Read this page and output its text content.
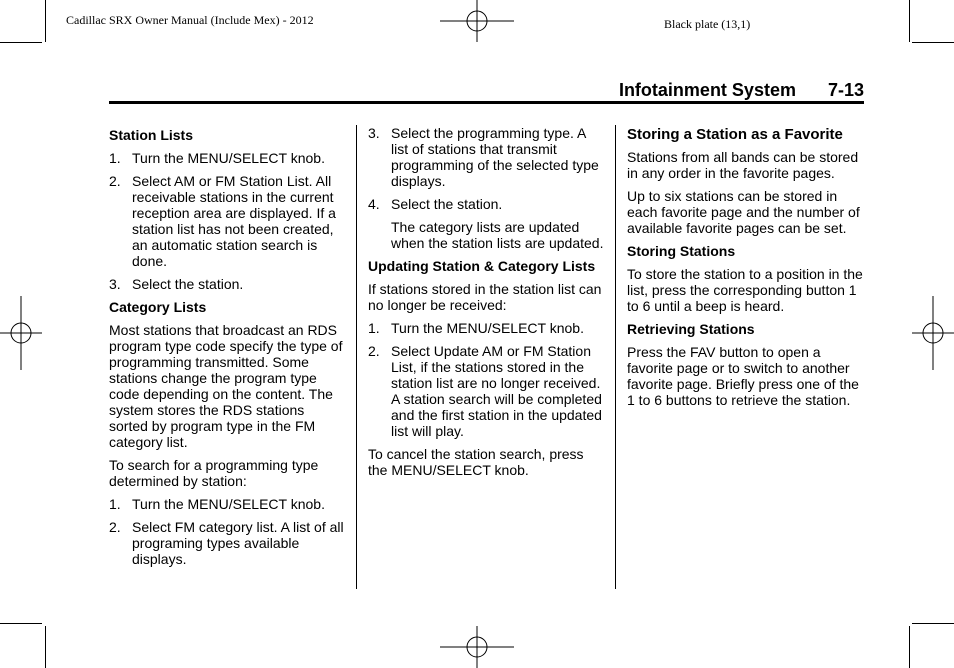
Cadillac SRX Owner Manual (Include Mex) - 2012	Black plate (13,1)
Infotainment System 7-13
Station Lists
1. Turn the MENU/SELECT knob.
2. Select AM or FM Station List. All receivable stations in the current reception area are displayed. If a station list has not been created, an automatic station search is done.
3. Select the station.
Category Lists

Most stations that broadcast an RDS program type code specify the type of programming transmitted. Some stations change the program type code depending on the content. The system stores the RDS stations sorted by program type in the FM category list.

To search for a programming type determined by station:

1. Turn the MENU/SELECT knob.
2. Select FM category list. A list of all programing types available displays.
3. Select the programming type. A list of stations that transmit programming of the selected type displays.
4. Select the station.

The category lists are updated when the station lists are updated.

Updating Station & Category Lists

If stations stored in the station list can no longer be received:

1. Turn the MENU/SELECT knob.
2. Select Update AM or FM Station List, if the stations stored in the station list are no longer received. A station search will be completed and the first station in the updated list will play.

To cancel the station search, press the MENU/SELECT knob.

Storing a Station as a Favorite

Stations from all bands can be stored in any order in the favorite pages.

Up to six stations can be stored in each favorite page and the number of available favorite pages can be set.

Storing Stations

To store the station to a position in the list, press the corresponding button 1 to 6 until a beep is heard.

Retrieving Stations

Press the FAV button to open a favorite page or to switch to another favorite page. Briefly press one of the 1 to 6 buttons to retrieve the station.
